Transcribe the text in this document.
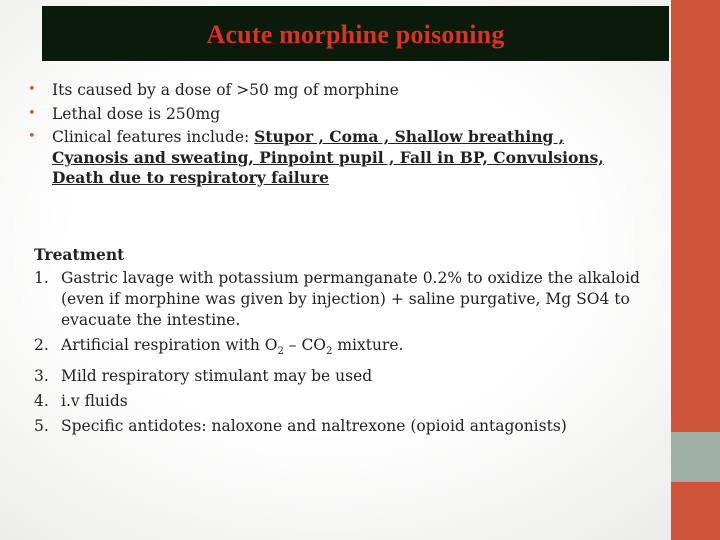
Acute morphine poisoning
• Its caused by a dose of >50 mg of morphine
• Lethal dose is 250mg
• Clinical features include: Stupor , Coma , Shallow breathing , Cyanosis and sweating, Pinpoint pupil , Fall in BP, Convulsions, Death due to respiratory failure
Treatment
1. Gastric lavage with potassium permanganate 0.2% to oxidize the alkaloid (even if morphine was given by injection) + saline purgative, Mg SO4 to evacuate the intestine.
2. Artificial respiration with $O_2 - CO_2$ mixture.
3. Mild respiratory stimulant may be used
4. i.v fluids
5. Specific antidotes: naloxone and naltrexone (opioid antagonists)
